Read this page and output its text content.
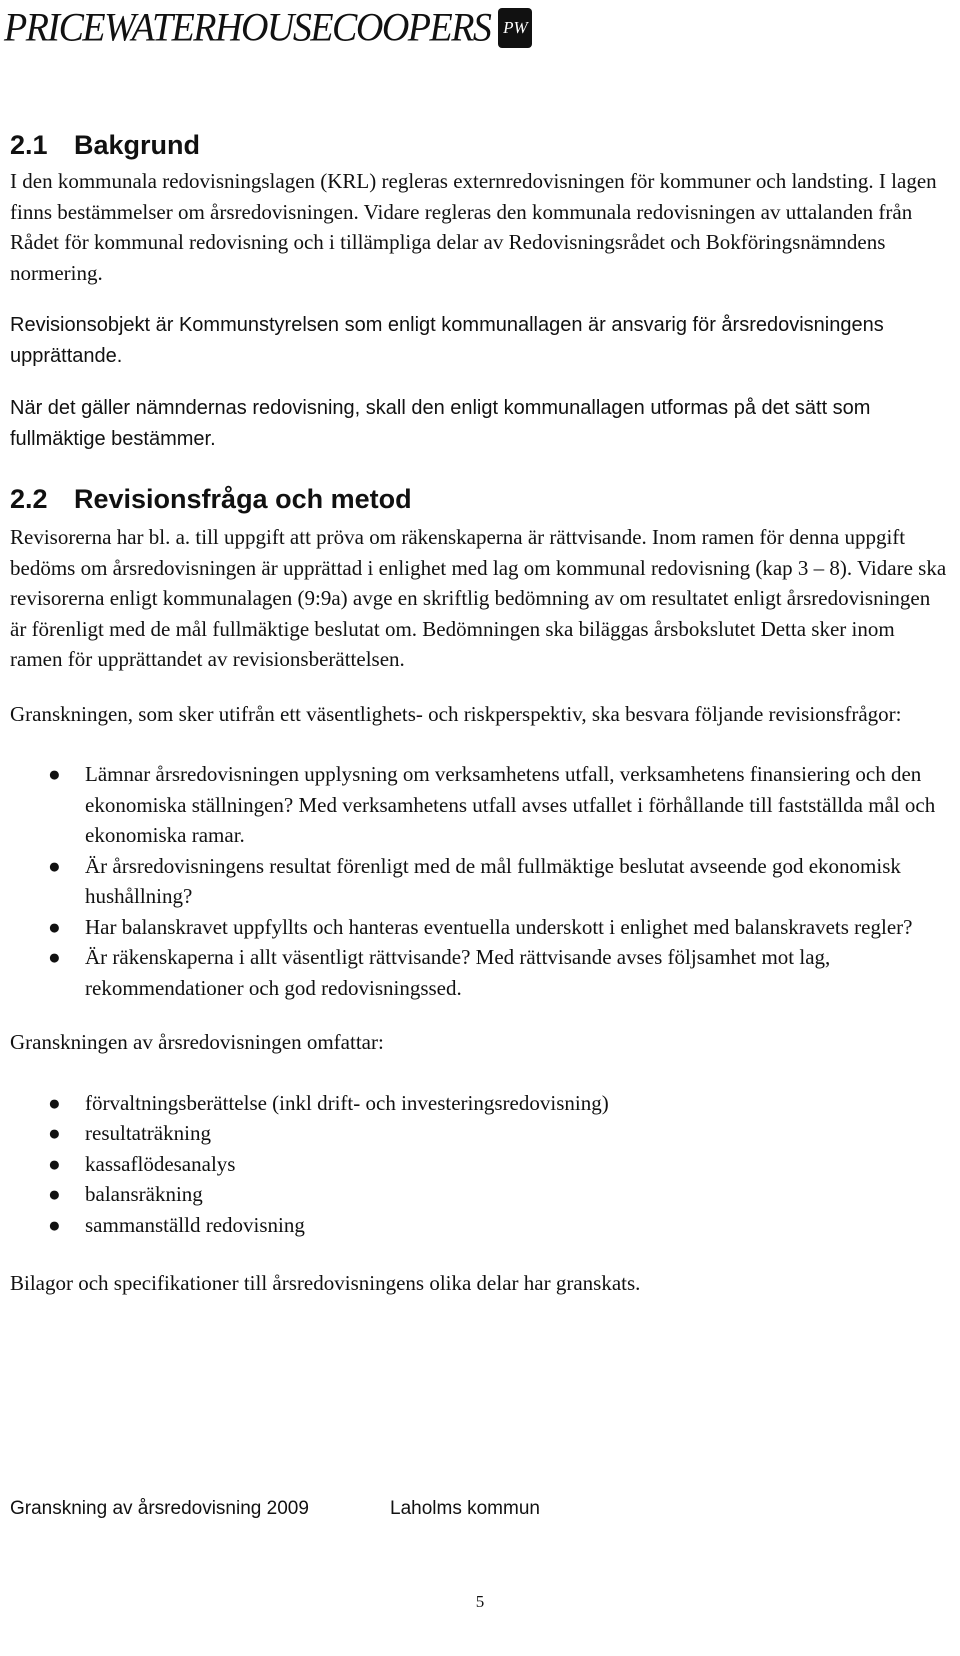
PRICEWATERHOUSECOOPERS PW
2.1 Bakgrund

I den kommunala redovisningslagen (KRL) regleras externredovisningen för kommuner och landsting. I lagen finns bestämmelser om årsredovisningen. Vidare regleras den kommunala redovisningen av uttalanden från Rådet för kommunal redovisning och i tillämpliga delar av Redovisningsrådet och Bokföringsnämndens normering.

Revisionsobjekt är Kommunstyrelsen som enligt kommunallagen är ansvarig för årsredovisningens upprättande.

När det gäller nämndernas redovisning, skall den enligt kommunallagen utformas på det sätt som fullmäktige bestämmer.

2.2 Revisionsfråga och metod

Revisorerna har bl. a. till uppgift att pröva om räkenskaperna är rättvisande. Inom ramen för denna uppgift bedöms om årsredovisningen är upprättad i enlighet med lag om kommunal redovisning (kap 3 – 8). Vidare ska revisorerna enligt kommunalagen (9:9a) avge en skriftlig bedömning av om resultatet enligt årsredovisningen är förenligt med de mål fullmäktige beslutat om. Bedömningen ska biläggas årsbokslutet Detta sker inom ramen för upprättandet av revisionsberättelsen.

Granskningen, som sker utifrån ett väsentlighets- och riskperspektiv, ska besvara följande revisionsfrågor:

● Lämnar årsredovisningen upplysning om verksamhetens utfall, verksamhetens finansiering och den ekonomiska ställningen? Med verksamhetens utfall avses utfallet i förhållande till fastställda mål och ekonomiska ramar.
● Är årsredovisningens resultat förenligt med de mål fullmäktige beslutat avseende god ekonomisk hushållning?
● Har balanskravet uppfyllts och hanteras eventuella underskott i enlighet med balanskravets regler?
● Är räkenskaperna i allt väsentligt rättvisande? Med rättvisande avses följsamhet mot lag, rekommendationer och god redovisningssed.

Granskningen av årsredovisningen omfattar:

● förvaltningsberättelse (inkl drift- och investeringsredovisning)
● resultaträkning
● kassaflödesanalys
● balansräkning
● sammanställd redovisning

Bilagor och specifikationer till årsredovisningens olika delar har granskats.

Granskning av årsredovisning 2009	Laholms kommun
5
